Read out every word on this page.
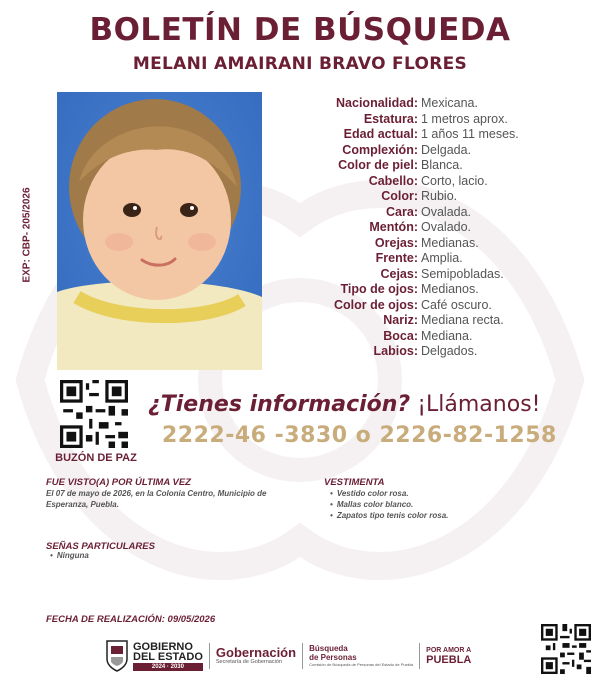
BOLETÍN DE BÚSQUEDA
MELANI AMAIRANI BRAVO FLORES
EXP: CBP- 205/2026
Nacionalidad: Mexicana.
Estatura: 1 metros aprox.
Edad actual: 1 años 11 meses.
Complexión: Delgada.
Color de piel: Blanca.
Cabello: Corto, lacio.
Color: Rubio.
Cara: Ovalada.
Mentón: Ovalado.
Orejas: Medianas.
Frente: Amplia.
Cejas: Semipobladas.
Tipo de ojos: Medianos.
Color de ojos: Café oscuro.
Nariz: Mediana recta.
Boca: Mediana.
Labios: Delgados.
BUZÓN DE PAZ
¿Tienes información? ¡Llámanos!
2222-46 -3830 o 2226-82-1258
FUE VISTO(A) POR ÚLTIMA VEZ
El 07 de mayo de 2026, en la Colonia Centro, Municipio de Esperanza, Puebla.
VESTIMENTA
• Vestido color rosa.
• Mallas color blanco.
• Zapatos tipo tenis color rosa.
SEÑAS PARTICULARES
• Ninguna
FECHA DE REALIZACIÓN: 09/05/2026
GOBIERNO
DEL ESTADO
2024 · 2030
Gobernación
Secretaría de Gobernación
Búsqueda
de Personas
Comisión de Búsqueda de Personas del Estado de Puebla
POR AMOR A
PUEBLA
